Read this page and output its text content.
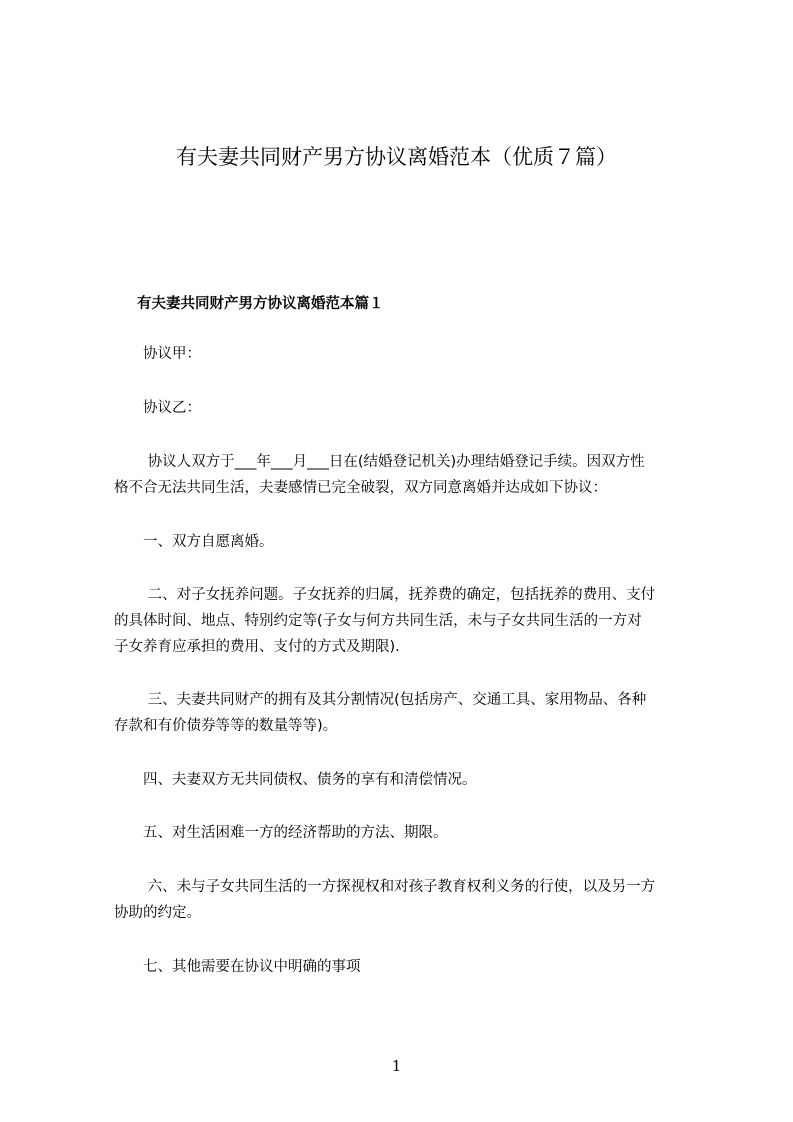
有夫妻共同财产男方协议离婚范本（优质７篇）
有夫妻共同财产男方协议离婚范本篇１
　　协议甲：
　　协议乙：
　　 协议人双方于___年___月___日在(结婚登记机关)办理结婚登记手续。因双方性
格不合无法共同生活，夫妻感情已完全破裂，双方同意离婚并达成如下协议：
　　一、双方自愿离婚。
　　 二、对子女抚养问题。子女抚养的归属，抚养费的确定，包括抚养的费用、支付
的具体时间、地点、特别约定等(子女与何方共同生活，未与子女共同生活的一方对
子女养育应承担的费用、支付的方式及期限).
　　 三、夫妻共同财产的拥有及其分割情况(包括房产、交通工具、家用物品、各种
存款和有价债券等等的数量等等)。
　　四、夫妻双方无共同债权、债务的享有和清偿情况。
　　五、对生活困难一方的经济帮助的方法、期限。
　　 六、未与子女共同生活的一方探视权和对孩子教育权利义务的行使，以及另一方
协助的约定。
　　七、其他需要在协议中明确的事项
1
